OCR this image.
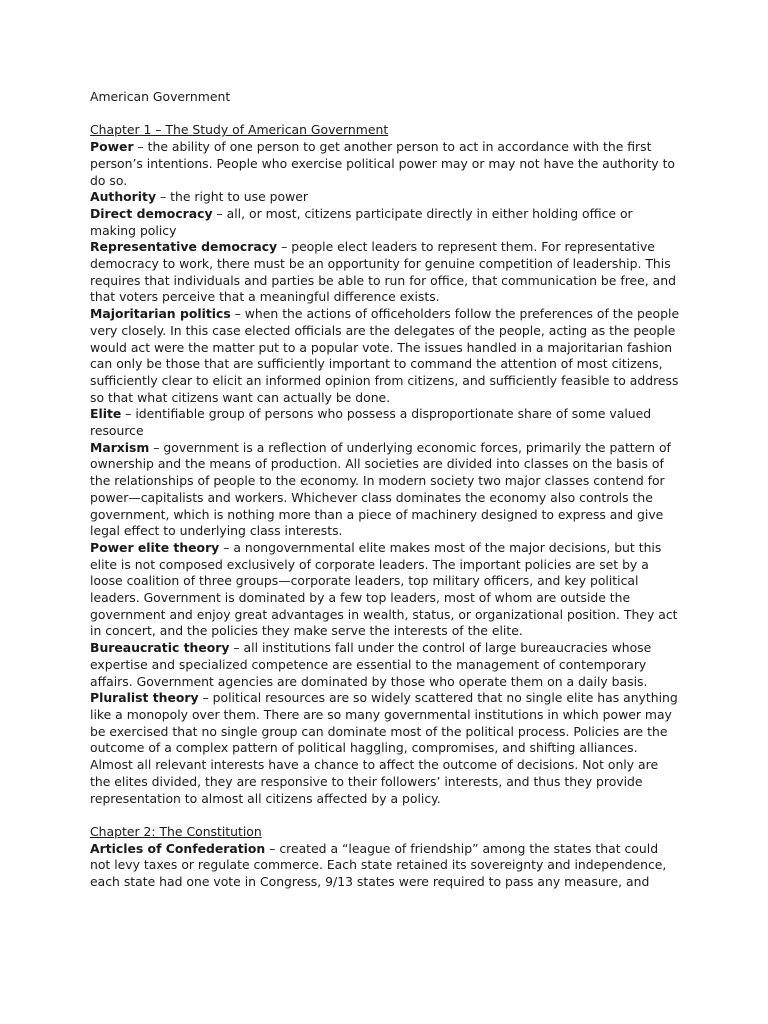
American Government

Chapter 1 – The Study of American Government

Power – the ability of one person to get another person to act in accordance with the first person’s intentions. People who exercise political power may or may not have the authority to do so.

Authority – the right to use power

Direct democracy – all, or most, citizens participate directly in either holding office or making policy

Representative democracy – people elect leaders to represent them. For representative democracy to work, there must be an opportunity for genuine competition of leadership. This requires that individuals and parties be able to run for office, that communication be free, and that voters perceive that a meaningful difference exists.

Majoritarian politics – when the actions of officeholders follow the preferences of the people very closely. In this case elected officials are the delegates of the people, acting as the people would act were the matter put to a popular vote. The issues handled in a majoritarian fashion can only be those that are sufficiently important to command the attention of most citizens, sufficiently clear to elicit an informed opinion from citizens, and sufficiently feasible to address so that what citizens want can actually be done.

Elite – identifiable group of persons who possess a disproportionate share of some valued resource

Marxism – government is a reflection of underlying economic forces, primarily the pattern of ownership and the means of production. All societies are divided into classes on the basis of the relationships of people to the economy. In modern society two major classes contend for power—capitalists and workers. Whichever class dominates the economy also controls the government, which is nothing more than a piece of machinery designed to express and give legal effect to underlying class interests.

Power elite theory – a nongovernmental elite makes most of the major decisions, but this elite is not composed exclusively of corporate leaders. The important policies are set by a loose coalition of three groups—corporate leaders, top military officers, and key political leaders. Government is dominated by a few top leaders, most of whom are outside the government and enjoy great advantages in wealth, status, or organizational position. They act in concert, and the policies they make serve the interests of the elite.

Bureaucratic theory – all institutions fall under the control of large bureaucracies whose expertise and specialized competence are essential to the management of contemporary affairs. Government agencies are dominated by those who operate them on a daily basis.

Pluralist theory – political resources are so widely scattered that no single elite has anything like a monopoly over them. There are so many governmental institutions in which power may be exercised that no single group can dominate most of the political process. Policies are the outcome of a complex pattern of political haggling, compromises, and shifting alliances. Almost all relevant interests have a chance to affect the outcome of decisions. Not only are the elites divided, they are responsive to their followers’ interests, and thus they provide representation to almost all citizens affected by a policy.

Chapter 2: The Constitution

Articles of Confederation – created a “league of friendship” among the states that could not levy taxes or regulate commerce. Each state retained its sovereignty and independence, each state had one vote in Congress, 9/13 states were required to pass any measure, and
